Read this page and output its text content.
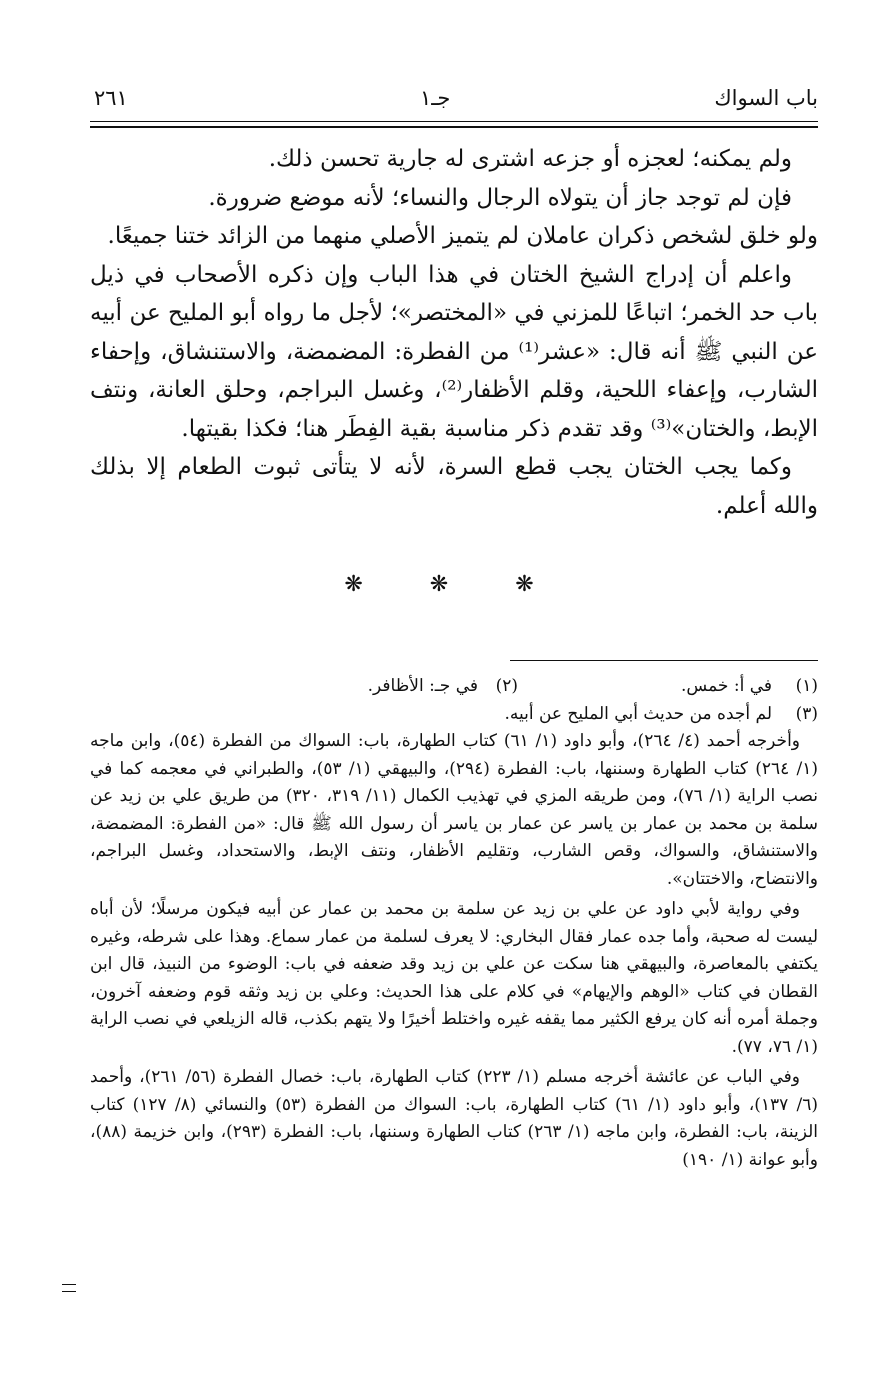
باب السواك
جـ١
٢٦١

ولم يمكنه؛ لعجزه أو جزعه اشترى له جارية تحسن ذلك.

فإن لم توجد جاز أن يتولاه الرجال والنساء؛ لأنه موضع ضرورة.

ولو خلق لشخص ذكران عاملان لم يتميز الأصلي منهما من الزائد ختنا جميعًا.

واعلم أن إدراج الشيخ الختان في هذا الباب وإن ذكره الأصحاب في ذيل باب حد الخمر؛ اتباعًا للمزني في «المختصر»؛ لأجل ما رواه أبو المليح عن أبيه عن النبي ﷺ أنه قال: «عشر⁽¹⁾ من الفطرة: المضمضة، والاستنشاق، وإحفاء الشارب، وإعفاء اللحية، وقلم الأظفار⁽²⁾، وغسل البراجم، وحلق العانة، ونتف الإبط، والختان»⁽³⁾ وقد تقدم ذكر مناسبة بقية الفِطَر هنا؛ فكذا بقيتها.

وكما يجب الختان يجب قطع السرة، لأنه لا يتأتى ثبوت الطعام إلا بذلك والله أعلم.

❋ ❋ ❋
(١)
في أ: خمس.
(٢)
في جـ: الأظافر.
(٣)
لم أجده من حديث أبي المليح عن أبيه.

وأخرجه أحمد (٤/ ٢٦٤)، وأبو داود (١/ ٦١) كتاب الطهارة، باب: السواك من الفطرة (٥٤)، وابن ماجه (١/ ٢٦٤) كتاب الطهارة وسننها، باب: الفطرة (٢٩٤)، والبيهقي (١/ ٥٣)، والطبراني في معجمه كما في نصب الراية (١/ ٧٦)، ومن طريقه المزي في تهذيب الكمال (١١/ ٣١٩، ٣٢٠) من طريق علي بن زيد عن سلمة بن محمد بن عمار بن ياسر عن عمار بن ياسر أن رسول الله ﷺ قال: «من الفطرة: المضمضة، والاستنشاق، والسواك، وقص الشارب، وتقليم الأظفار، ونتف الإبط، والاستحداد، وغسل البراجم، والانتضاح، والاختتان».

وفي رواية لأبي داود عن علي بن زيد عن سلمة بن محمد بن عمار عن أبيه فيكون مرسلًا؛ لأن أباه ليست له صحبة، وأما جده عمار فقال البخاري: لا يعرف لسلمة من عمار سماع. وهذا على شرطه، وغيره يكتفي بالمعاصرة، والبيهقي هنا سكت عن علي بن زيد وقد ضعفه في باب: الوضوء من النبيذ، قال ابن القطان في كتاب «الوهم والإيهام» في كلام على هذا الحديث: وعلي بن زيد وثقه قوم وضعفه آخرون، وجملة أمره أنه كان يرفع الكثير مما يقفه غيره واختلط أخيرًا ولا يتهم بكذب، قاله الزيلعي في نصب الراية (١/ ٧٦، ٧٧).

وفي الباب عن عائشة أخرجه مسلم (١/ ٢٢٣) كتاب الطهارة، باب: خصال الفطرة (٥٦/ ٢٦١)، وأحمد (٦/ ١٣٧)، وأبو داود (١/ ٦١) كتاب الطهارة، باب: السواك من الفطرة (٥٣) والنسائي (٨/ ١٢٧) كتاب الزينة، باب: الفطرة، وابن ماجه (١/ ٢٦٣) كتاب الطهارة وسننها، باب: الفطرة (٢٩٣)، وابن خزيمة (٨٨)، وأبو عوانة (١/ ١٩٠)
